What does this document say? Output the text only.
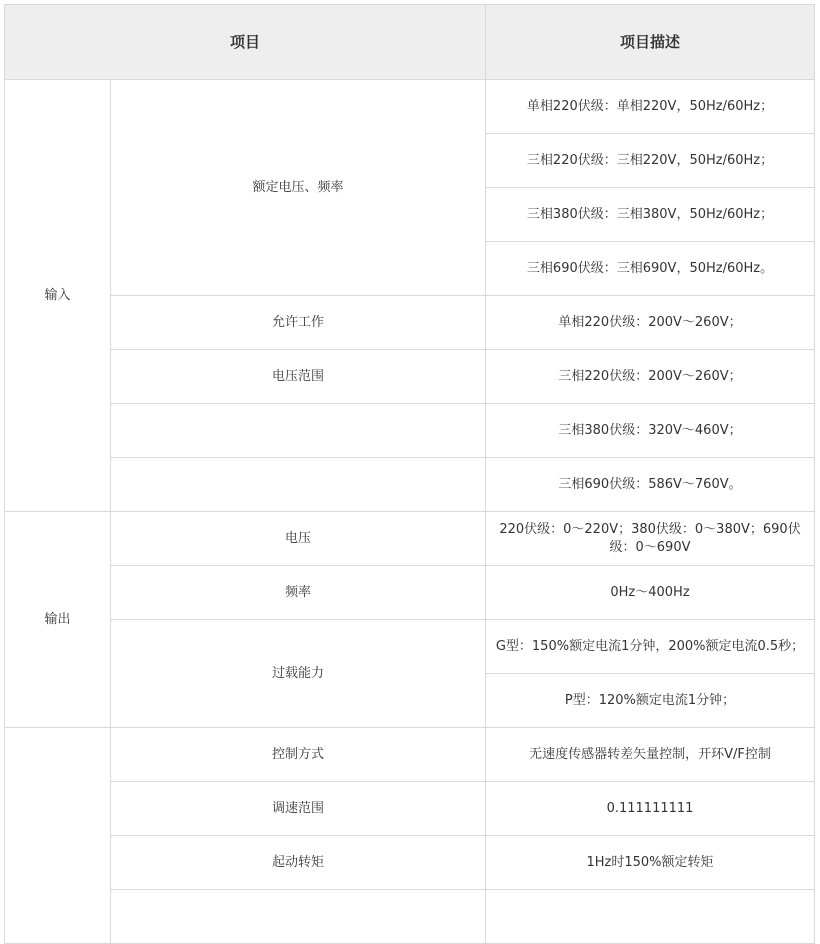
项目		项目描述
输入	额定电压、频率	单相220伏级：单相220V，50Hz/60Hz；
		三相220伏级：三相220V，50Hz/60Hz；
		三相380伏级：三相380V，50Hz/60Hz；
		三相690伏级：三相690V，50Hz/60Hz。
	允许工作	单相220伏级：200V～260V；
	电压范围	三相220伏级：200V～260V；
		三相380伏级：320V～460V；
		三相690伏级：586V～760V。
输出	电压	220伏级：0～220V；380伏级：0～380V；690伏级：0～690V
	频率	0Hz～400Hz
	过载能力	G型：150%额定电流1分钟，200%额定电流0.5秒；
		P型：120%额定电流1分钟；
	控制方式	无速度传感器转差矢量控制，开环V/F控制
	调速范围	0.111111111
	起动转矩	1Hz时150%额定转矩
